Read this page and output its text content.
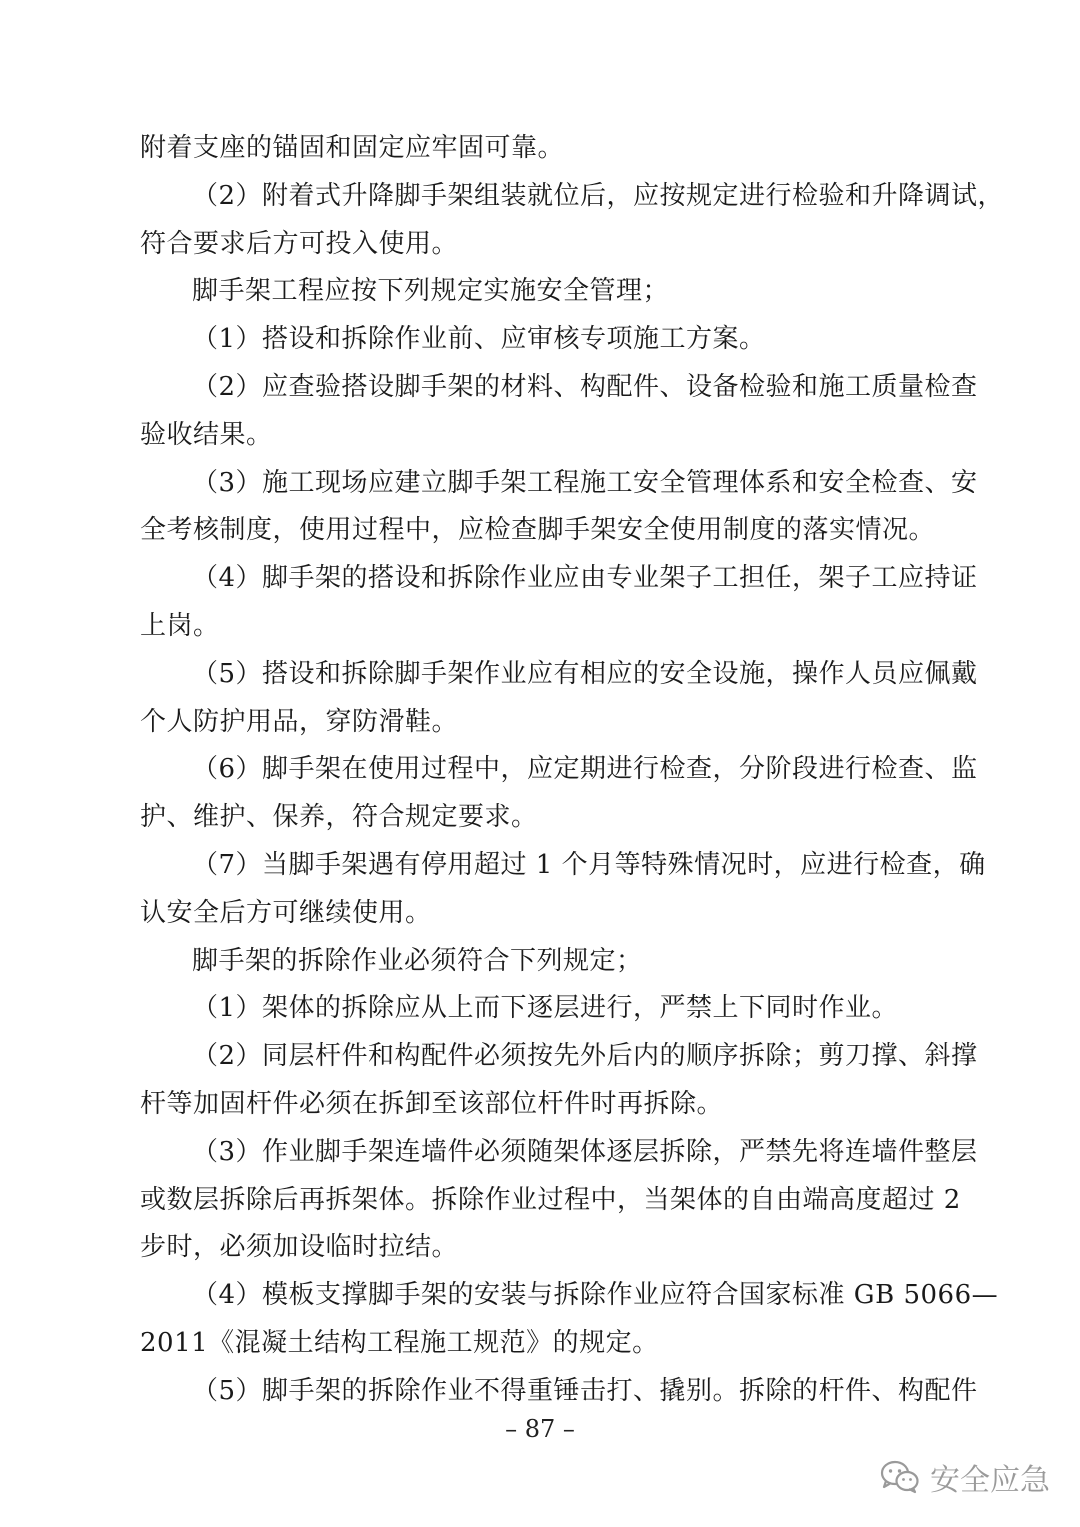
附着支座的锚固和固定应牢固可靠。
（2）附着式升降脚手架组装就位后，应按规定进行检验和升降调试，
符合要求后方可投入使用。
脚手架工程应按下列规定实施安全管理；
（1）搭设和拆除作业前、应审核专项施工方案。
（2）应查验搭设脚手架的材料、构配件、设备检验和施工质量检查
验收结果。
（3）施工现场应建立脚手架工程施工安全管理体系和安全检查、安
全考核制度，使用过程中，应检查脚手架安全使用制度的落实情况。
（4）脚手架的搭设和拆除作业应由专业架子工担任，架子工应持证
上岗。
（5）搭设和拆除脚手架作业应有相应的安全设施，操作人员应佩戴
个人防护用品，穿防滑鞋。
（6）脚手架在使用过程中，应定期进行检查，分阶段进行检查、监
护、维护、保养，符合规定要求。
（7）当脚手架遇有停用超过 1 个月等特殊情况时，应进行检查，确
认安全后方可继续使用。
脚手架的拆除作业必须符合下列规定；
（1）架体的拆除应从上而下逐层进行，严禁上下同时作业。
（2）同层杆件和构配件必须按先外后内的顺序拆除；剪刀撑、斜撑
杆等加固杆件必须在拆卸至该部位杆件时再拆除。
（3）作业脚手架连墙件必须随架体逐层拆除，严禁先将连墙件整层
或数层拆除后再拆架体。拆除作业过程中，当架体的自由端高度超过 2
步时，必须加设临时拉结。
（4）模板支撑脚手架的安装与拆除作业应符合国家标准 GB 5066—
2011《混凝土结构工程施工规范》的规定。
（5）脚手架的拆除作业不得重锤击打、撬别。拆除的杆件、构配件
– 87 –
安全应急
